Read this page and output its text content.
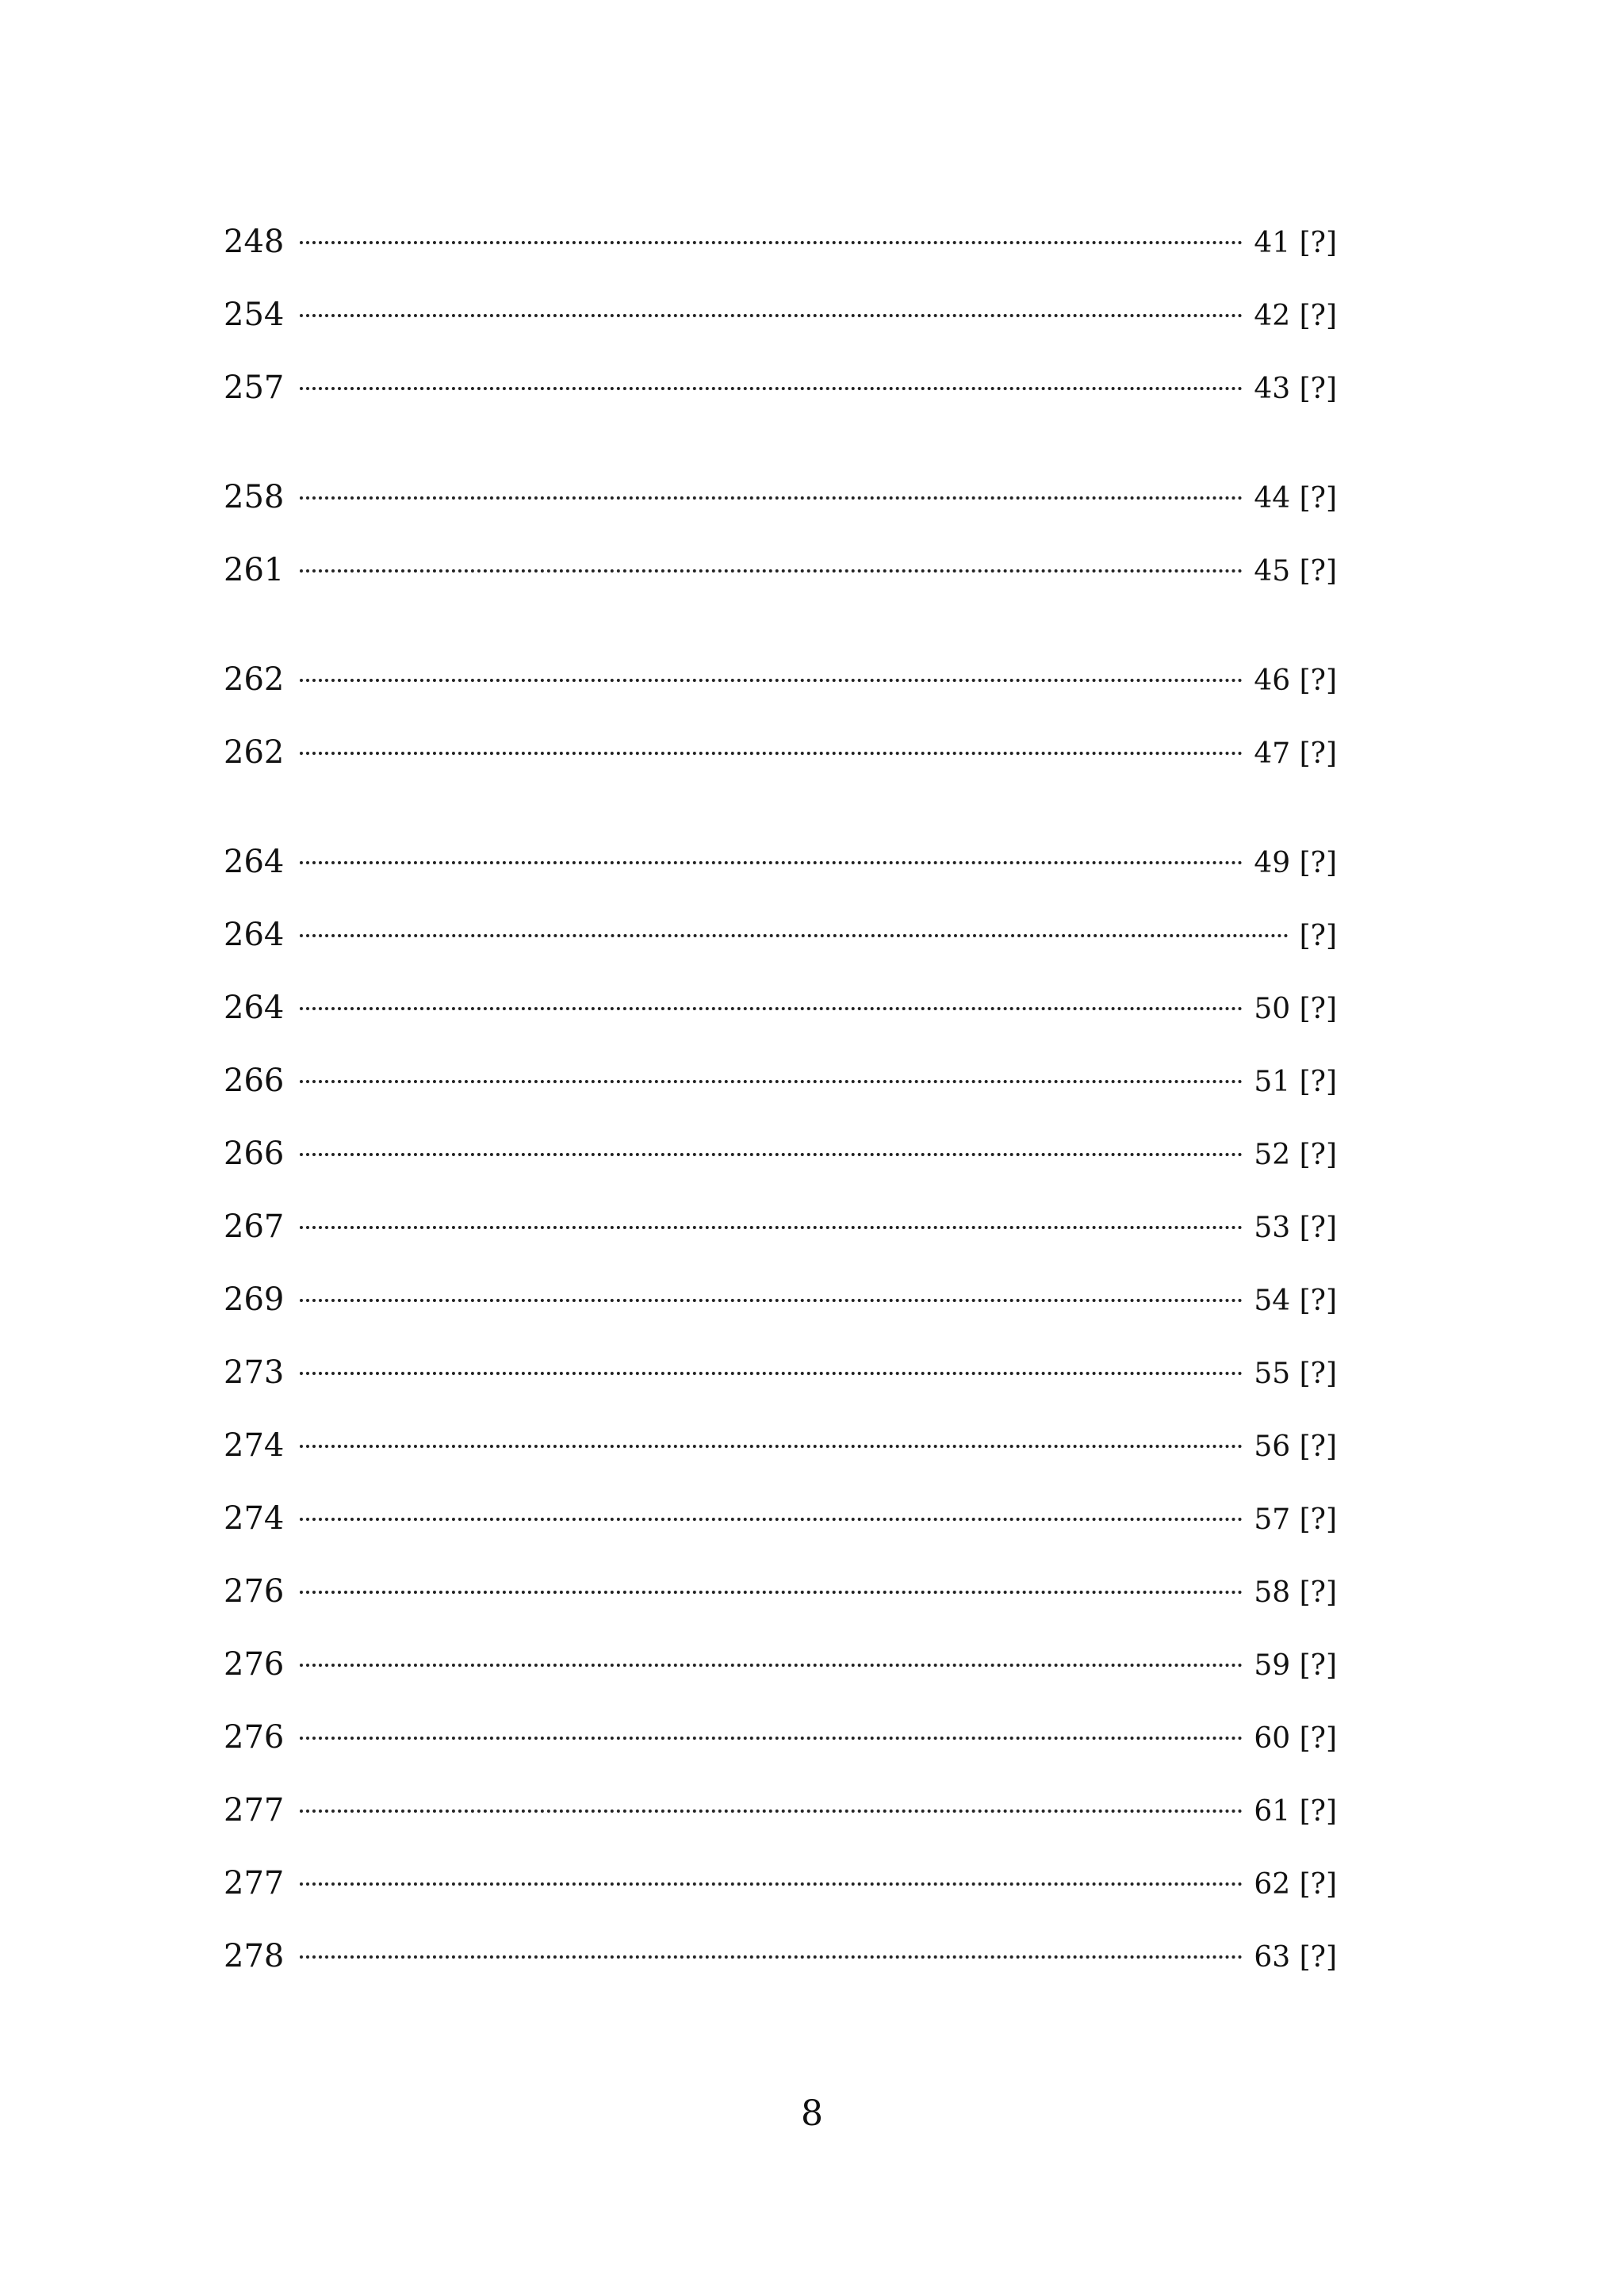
248	41 [?]
254	42 [?]
257	43 [?]
258	44 [?]
261	45 [?]
262	46 [?]
262	47 [?]
264	49 [?]
264	[?]
264	50 [?]
266	51 [?]
266	52 [?]
267	53 [?]
269	54 [?]
273	55 [?]
274	56 [?]
274	57 [?]
276	58 [?]
276	59 [?]
276	60 [?]
277	61 [?]
277	62 [?]
278	63 [?]
8
